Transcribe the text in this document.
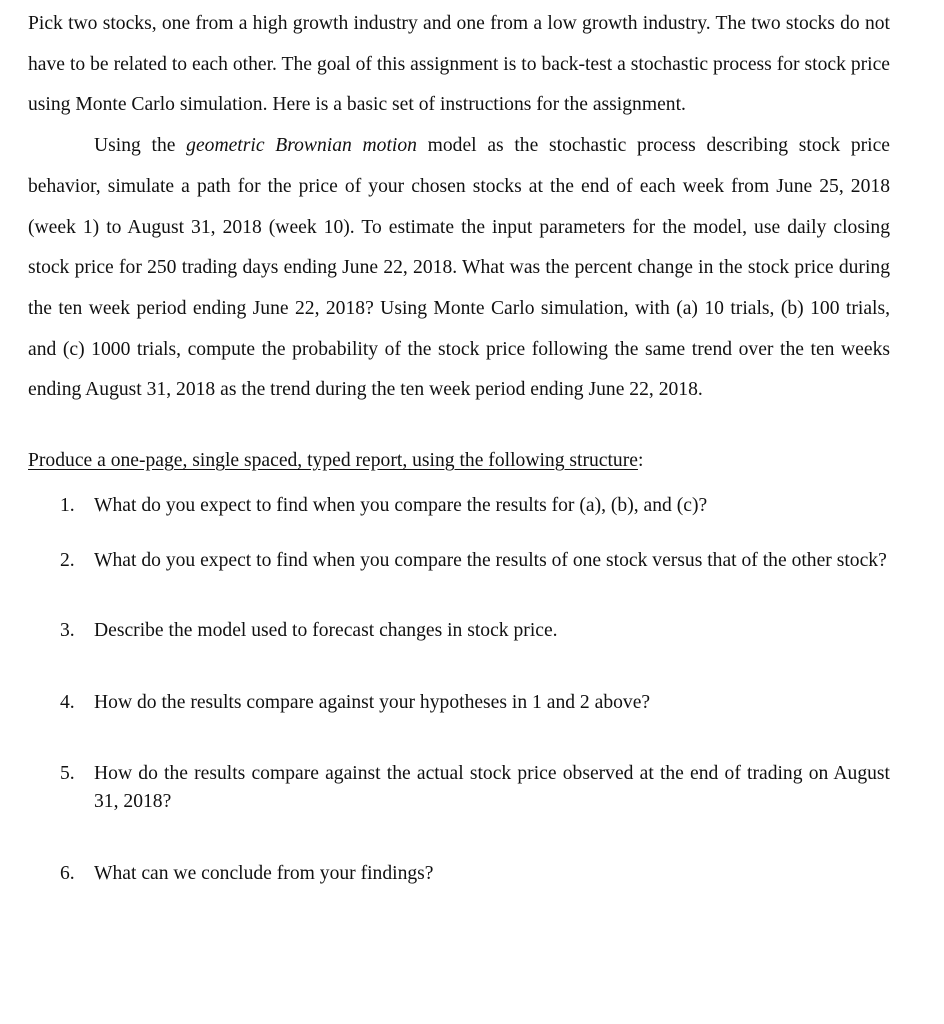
Pick two stocks, one from a high growth industry and one from a low growth industry. The two stocks do not have to be related to each other. The goal of this assignment is to back-test a stochastic process for stock price using Monte Carlo simulation. Here is a basic set of instructions for the assignment.

Using the geometric Brownian motion model as the stochastic process describing stock price behavior, simulate a path for the price of your chosen stocks at the end of each week from June 25, 2018 (week 1) to August 31, 2018 (week 10). To estimate the input parameters for the model, use daily closing stock price for 250 trading days ending June 22, 2018. What was the percent change in the stock price during the ten week period ending June 22, 2018? Using Monte Carlo simulation, with (a) 10 trials, (b) 100 trials, and (c) 1000 trials, compute the probability of the stock price following the same trend over the ten weeks ending August 31, 2018 as the trend during the ten week period ending June 22, 2018.

Produce a one-page, single spaced, typed report, using the following structure:

1. What do you expect to find when you compare the results for (a), (b), and (c)?
2. What do you expect to find when you compare the results of one stock versus that of the other stock?
3. Describe the model used to forecast changes in stock price.
4. How do the results compare against your hypotheses in 1 and 2 above?
5. How do the results compare against the actual stock price observed at the end of trading on August 31, 2018?
6. What can we conclude from your findings?
